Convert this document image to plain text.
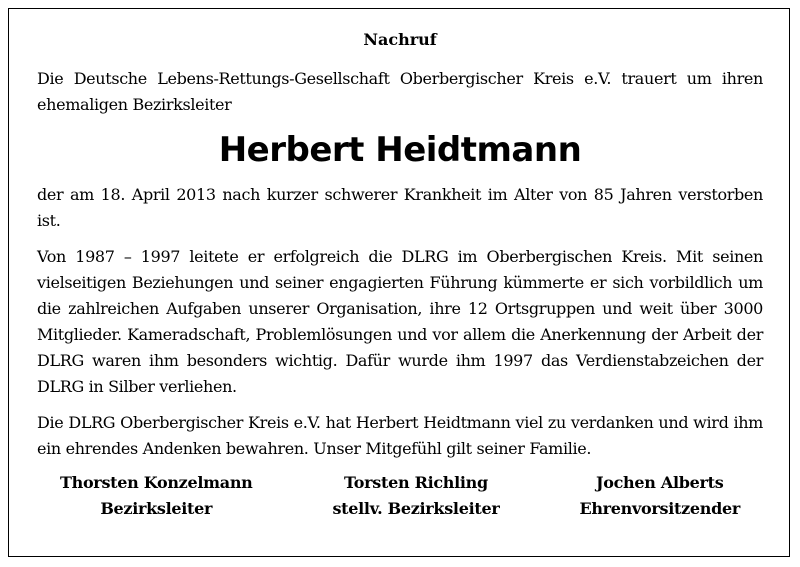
Nachruf

Die Deutsche Lebens-Rettungs-Gesellschaft Oberbergischer Kreis e.V. trauert um ihren ehemaligen Bezirksleiter

Herbert Heidtmann

der am 18. April 2013 nach kurzer schwerer Krankheit im Alter von 85 Jahren verstorben ist.

Von 1987 – 1997 leitete er erfolgreich die DLRG im Oberbergischen Kreis. Mit seinen vielseitigen Beziehungen und seiner engagierten Führung kümmerte er sich vorbildlich um die zahlreichen Aufgaben unserer Organisation, ihre 12 Ortsgruppen und weit über 3000 Mitglieder. Kameradschaft, Problemlösungen und vor allem die Anerkennung der Arbeit der DLRG waren ihm besonders wichtig. Dafür wurde ihm 1997 das Verdienstabzeichen der DLRG in Silber verliehen.

Die DLRG Oberbergischer Kreis e.V. hat Herbert Heidtmann viel zu verdanken und wird ihm ein ehrendes Andenken bewahren. Unser Mitgefühl gilt seiner Familie.

Thorsten Konzelmann
Bezirksleiter
Torsten Richling
stellv. Bezirksleiter
Jochen Alberts
Ehrenvorsitzender
